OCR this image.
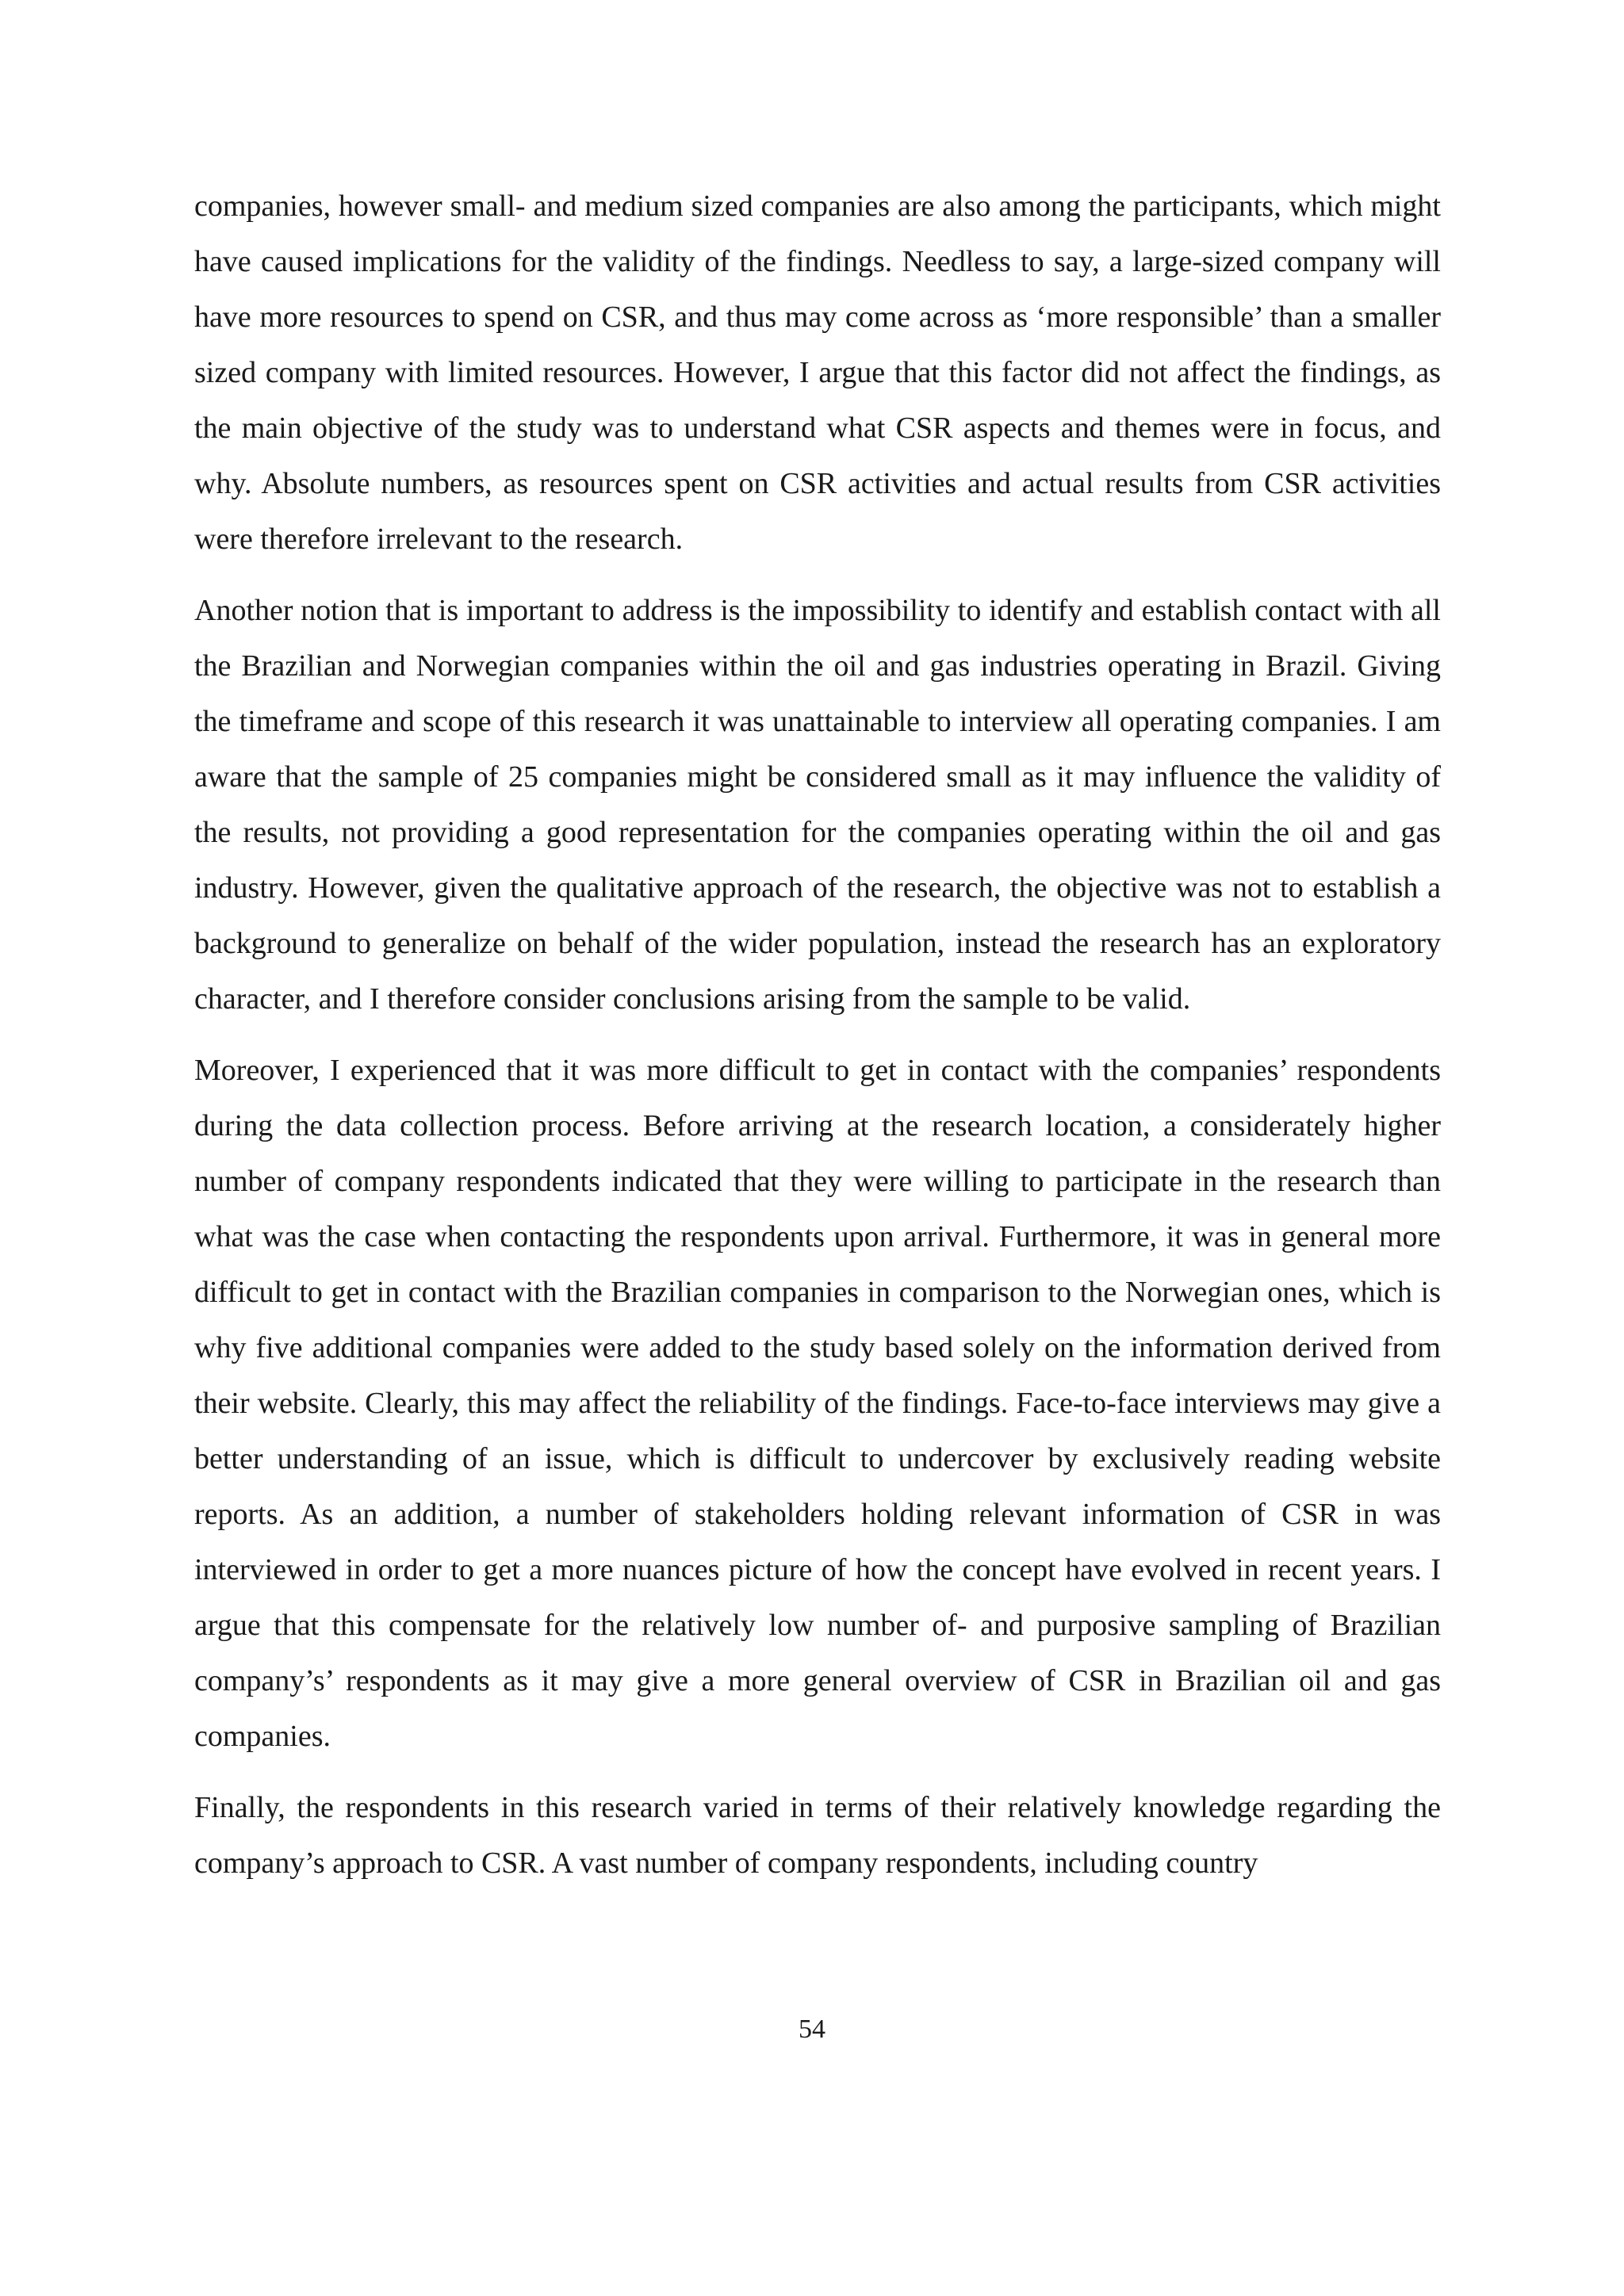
companies, however small- and medium sized companies are also among the participants, which might have caused implications for the validity of the findings. Needless to say, a large-sized company will have more resources to spend on CSR, and thus may come across as ‘more responsible’ than a smaller sized company with limited resources. However, I argue that this factor did not affect the findings, as the main objective of the study was to understand what CSR aspects and themes were in focus, and why. Absolute numbers, as resources spent on CSR activities and actual results from CSR activities were therefore irrelevant to the research.

Another notion that is important to address is the impossibility to identify and establish contact with all the Brazilian and Norwegian companies within the oil and gas industries operating in Brazil. Giving the timeframe and scope of this research it was unattainable to interview all operating companies. I am aware that the sample of 25 companies might be considered small as it may influence the validity of the results, not providing a good representation for the companies operating within the oil and gas industry. However, given the qualitative approach of the research, the objective was not to establish a background to generalize on behalf of the wider population, instead the research has an exploratory character, and I therefore consider conclusions arising from the sample to be valid.

Moreover, I experienced that it was more difficult to get in contact with the companies’ respondents during the data collection process. Before arriving at the research location, a considerately higher number of company respondents indicated that they were willing to participate in the research than what was the case when contacting the respondents upon arrival. Furthermore, it was in general more difficult to get in contact with the Brazilian companies in comparison to the Norwegian ones, which is why five additional companies were added to the study based solely on the information derived from their website. Clearly, this may affect the reliability of the findings. Face-to-face interviews may give a better understanding of an issue, which is difficult to undercover by exclusively reading website reports. As an addition, a number of stakeholders holding relevant information of CSR in was interviewed in order to get a more nuances picture of how the concept have evolved in recent years. I argue that this compensate for the relatively low number of- and purposive sampling of Brazilian company’s’ respondents as it may give a more general overview of CSR in Brazilian oil and gas companies.

Finally, the respondents in this research varied in terms of their relatively knowledge regarding the company’s approach to CSR. A vast number of company respondents, including country

54
